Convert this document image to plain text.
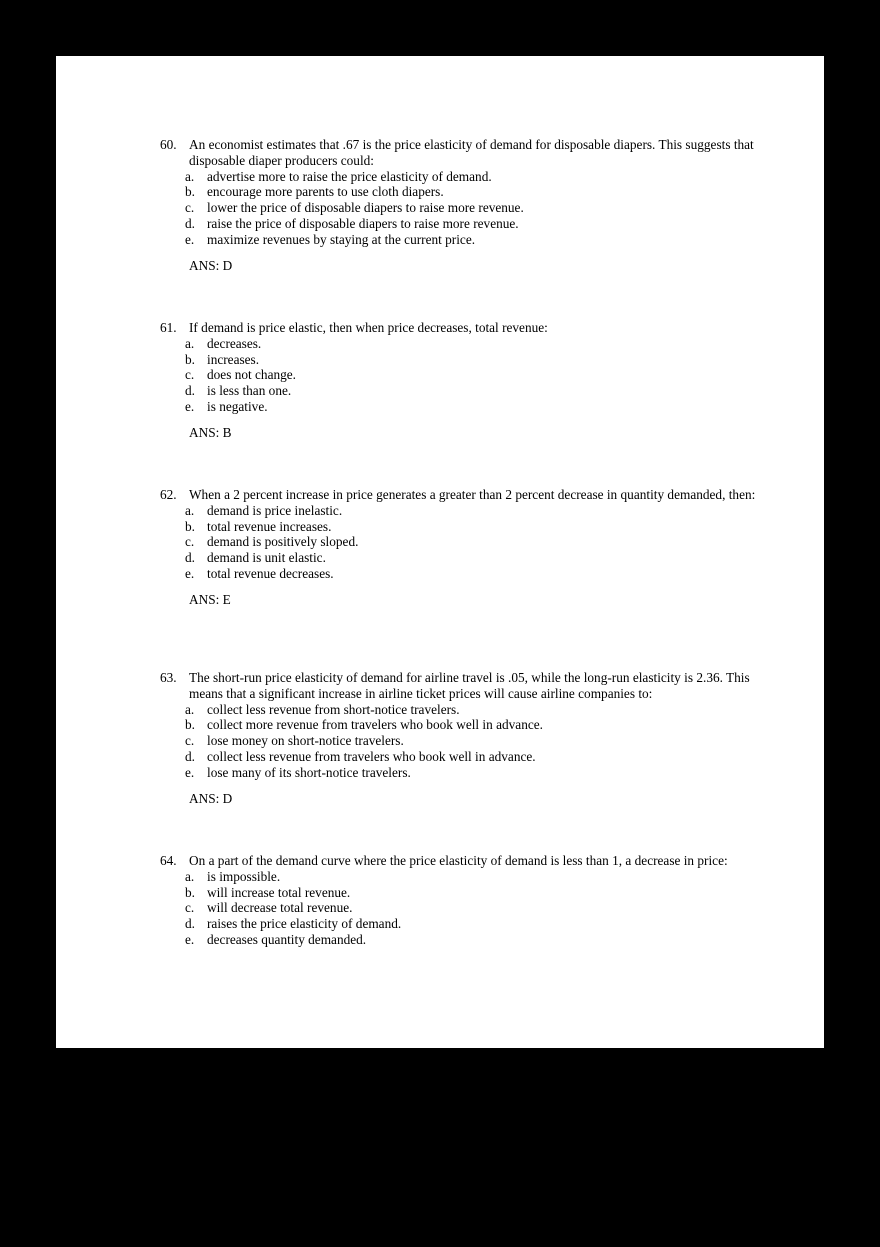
60. An economist estimates that .67 is the price elasticity of demand for disposable diapers. This suggests that disposable diaper producers could:
a. advertise more to raise the price elasticity of demand.
b. encourage more parents to use cloth diapers.
c. lower the price of disposable diapers to raise more revenue.
d. raise the price of disposable diapers to raise more revenue.
e. maximize revenues by staying at the current price.
ANS: D
61. If demand is price elastic, then when price decreases, total revenue:
a. decreases.
b. increases.
c. does not change.
d. is less than one.
e. is negative.
ANS: B
62. When a 2 percent increase in price generates a greater than 2 percent decrease in quantity demanded, then:
a. demand is price inelastic.
b. total revenue increases.
c. demand is positively sloped.
d. demand is unit elastic.
e. total revenue decreases.
ANS: E
63. The short-run price elasticity of demand for airline travel is .05, while the long-run elasticity is 2.36. This means that a significant increase in airline ticket prices will cause airline companies to:
a. collect less revenue from short-notice travelers.
b. collect more revenue from travelers who book well in advance.
c. lose money on short-notice travelers.
d. collect less revenue from travelers who book well in advance.
e. lose many of its short-notice travelers.
ANS: D
64. On a part of the demand curve where the price elasticity of demand is less than 1, a decrease in price:
a. is impossible.
b. will increase total revenue.
c. will decrease total revenue.
d. raises the price elasticity of demand.
e. decreases quantity demanded.
